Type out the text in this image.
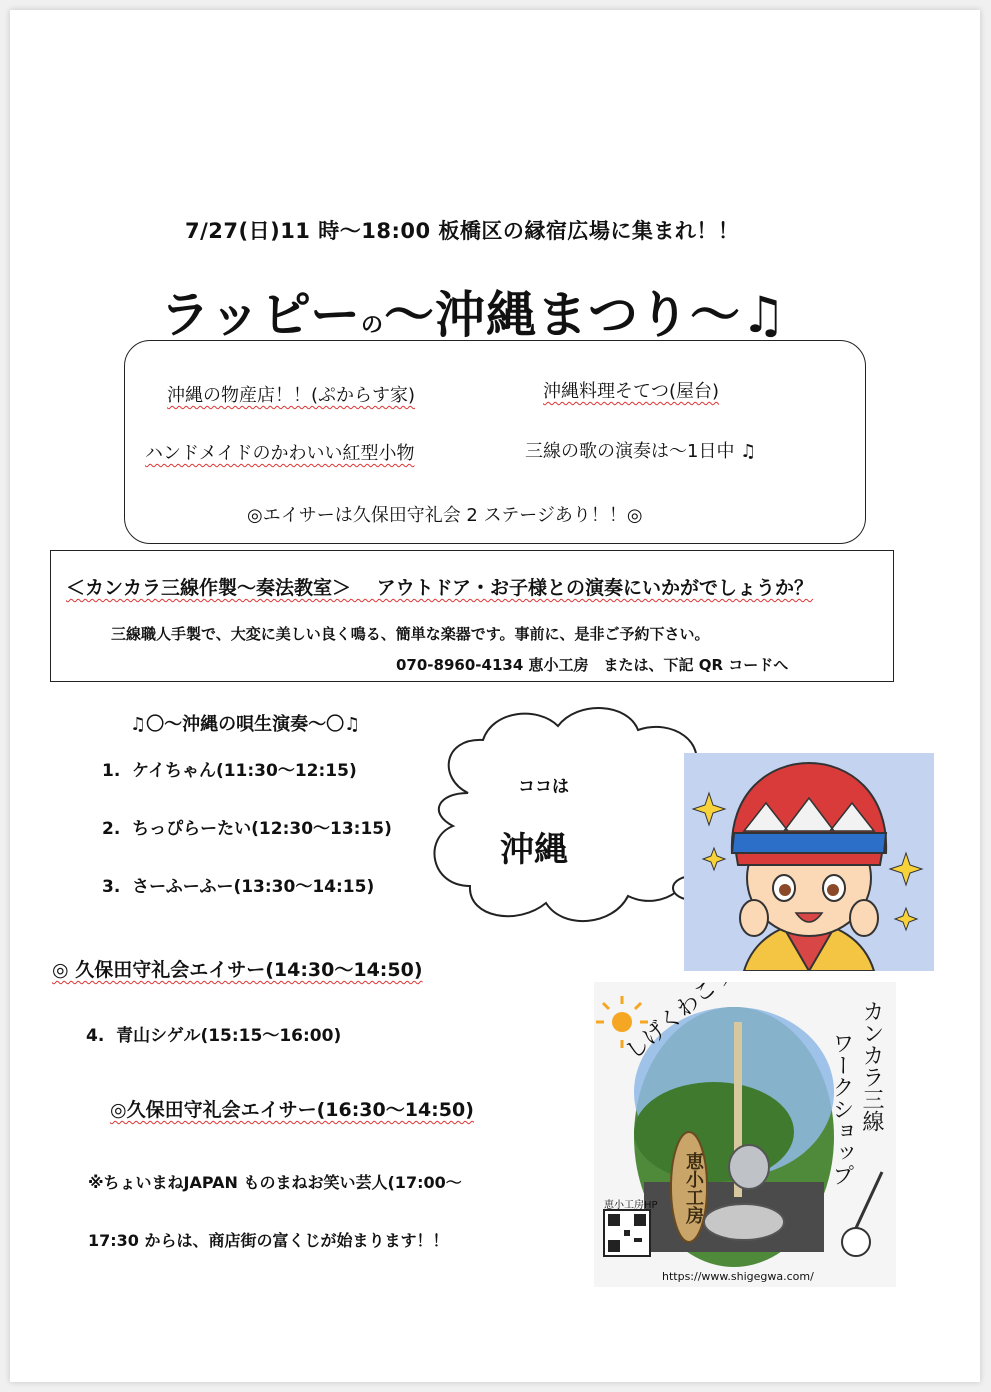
7/27(日)11 時～18:00 板橋区の縁宿広場に集まれ！！
ラッピーの～沖縄まつり～♫
沖縄の物産店！！(ぷからす家)	沖縄料理そてつ(屋台)
ハンドメイドのかわいい紅型小物	三線の歌の演奏は～1日中 ♫
◎エイサーは久保田守礼会 2 ステージあり！！◎
＜カンカラ三線作製～奏法教室＞　 アウトドア・お子様との演奏にいかがでしょうか？
三線職人手製で、大変に美しい良く鳴る、簡単な楽器です。事前に、是非ご予約下さい。
070-8960-4134 恵小工房　または、下記 QR コードへ
♫〇～沖縄の唄生演奏～〇♫
1. ケイちゃん(11:30～12:15)
2. ちっぴらーたい(12:30～13:15)
3. さーふーふー(13:30～14:15)
◎ 久保田守礼会エイサー(14:30～14:50)
4. 青山シゲル(15:15～16:00)
◎久保田守礼会エイサー(16:30～14:50)
※ちょいまねJAPAN ものまねお笑い芸人(17:00～
17:30 からは、商店街の富くじが始まります！！
ココは
沖縄
カンカラ三線
ワークショップ
恵小工房
恵小工房HP
https://www.shigegwa.com/
